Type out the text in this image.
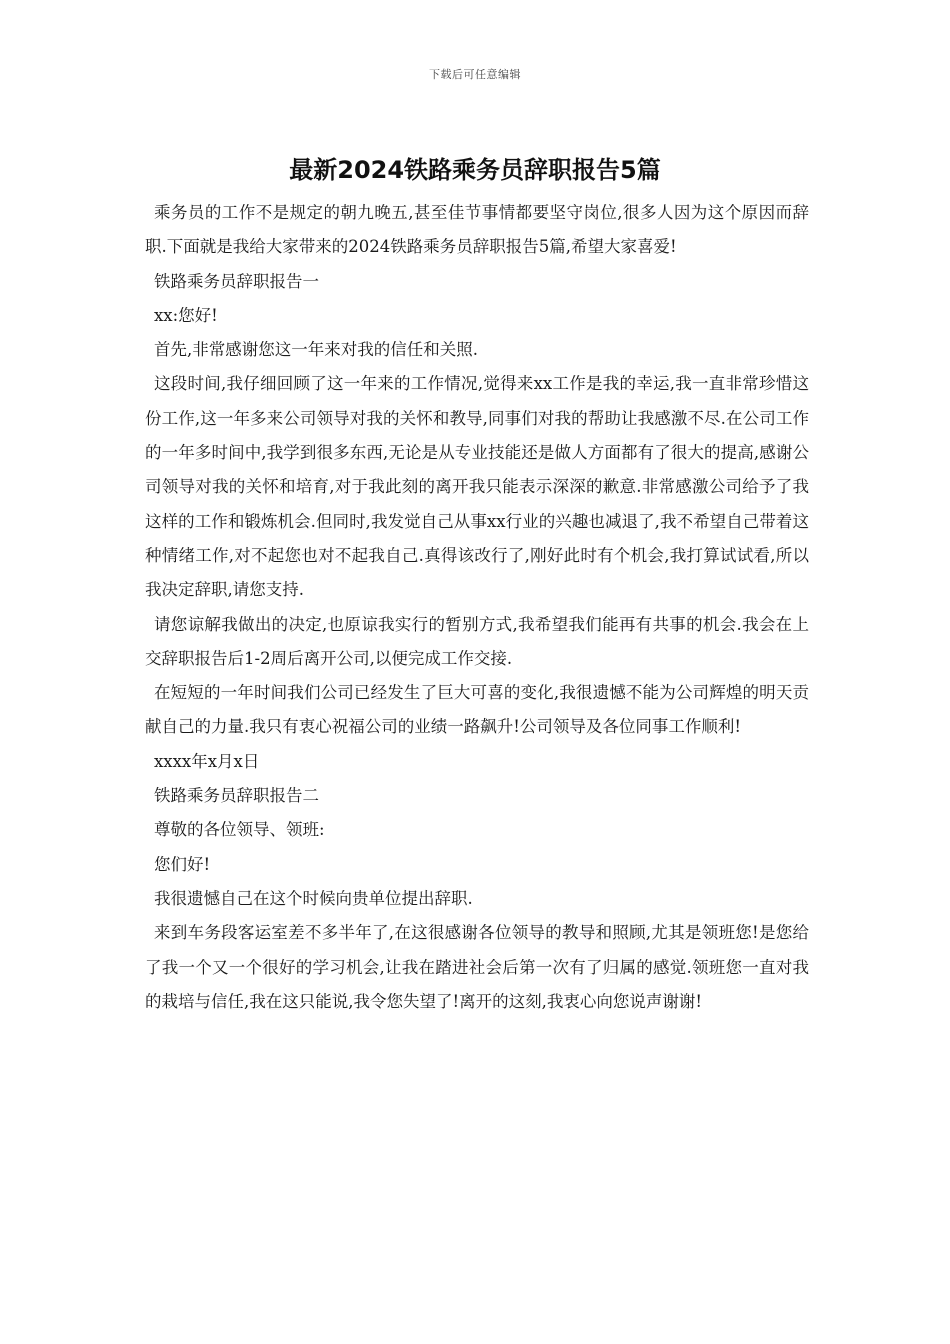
下载后可任意编辑
最新2024铁路乘务员辞职报告5篇

乘务员的工作不是规定的朝九晚五,甚至佳节事情都要坚守岗位,很多人因为这个原因而辞职.下面就是我给大家带来的2024铁路乘务员辞职报告5篇,希望大家喜爱!

铁路乘务员辞职报告一

xx:您好!

首先,非常感谢您这一年来对我的信任和关照.

这段时间,我仔细回顾了这一年来的工作情况,觉得来xx工作是我的幸运,我一直非常珍惜这份工作,这一年多来公司领导对我的关怀和教导,同事们对我的帮助让我感激不尽.在公司工作的一年多时间中,我学到很多东西,无论是从专业技能还是做人方面都有了很大的提高,感谢公司领导对我的关怀和培育,对于我此刻的离开我只能表示深深的歉意.非常感激公司给予了我这样的工作和锻炼机会.但同时,我发觉自己从事xx行业的兴趣也减退了,我不希望自己带着这种情绪工作,对不起您也对不起我自己.真得该改行了,刚好此时有个机会,我打算试试看,所以我决定辞职,请您支持.

请您谅解我做出的决定,也原谅我实行的暂别方式,我希望我们能再有共事的机会.我会在上交辞职报告后1-2周后离开公司,以便完成工作交接.

在短短的一年时间我们公司已经发生了巨大可喜的变化,我很遗憾不能为公司辉煌的明天贡献自己的力量.我只有衷心祝福公司的业绩一路飙升!公司领导及各位同事工作顺利!

xxxx年x月x日

铁路乘务员辞职报告二

尊敬的各位领导、领班:

您们好!

我很遗憾自己在这个时候向贵单位提出辞职.

来到车务段客运室差不多半年了,在这很感谢各位领导的教导和照顾,尤其是领班您!是您给了我一个又一个很好的学习机会,让我在踏进社会后第一次有了归属的感觉.领班您一直对我的栽培与信任,我在这只能说,我令您失望了!离开的这刻,我衷心向您说声谢谢!
